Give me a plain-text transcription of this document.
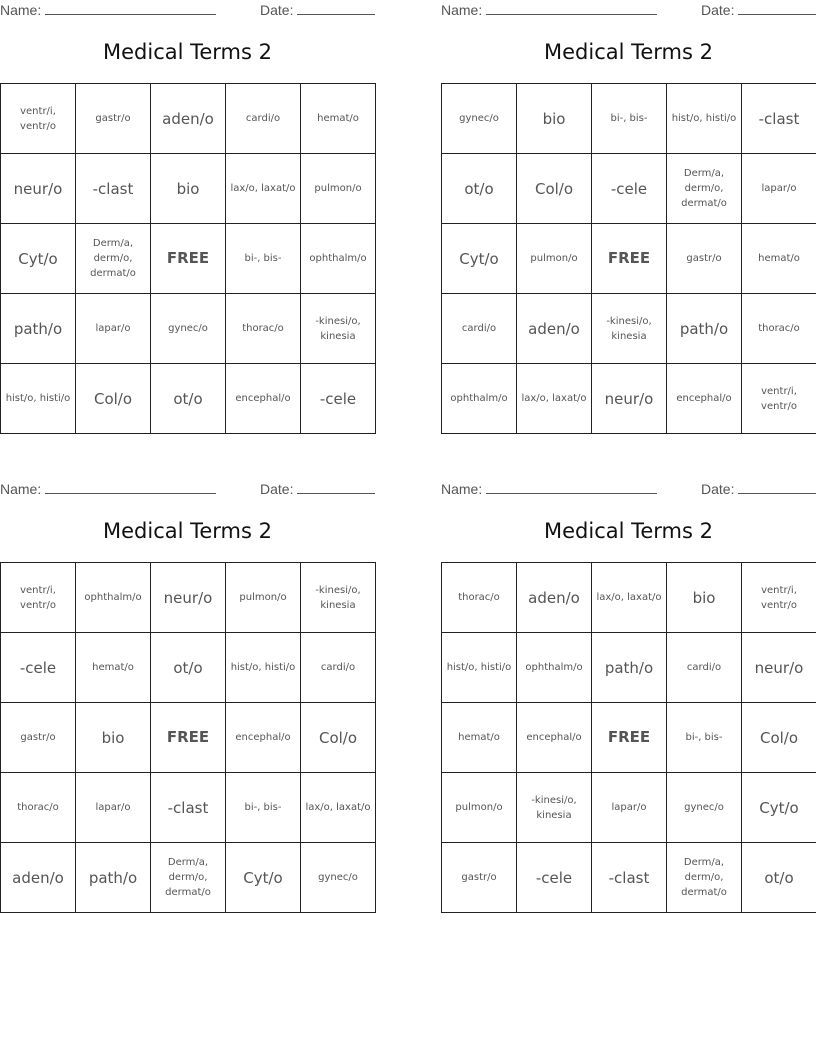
Name:	Date:
Medical Terms 2
ventr/i,
ventr/o	gastr/o	aden/o	cardi/o	hemat/o
neur/o	-clast	bio	lax/o, laxat/o	pulmon/o
Cyt/o	Derm/a,
derm/o,
dermat/o	FREE	bi-, bis-	ophthalm/o
path/o	lapar/o	gynec/o	thorac/o	-kinesi/o,
kinesia
hist/o, histi/o	Col/o	ot/o	encephal/o	-cele
Name:	Date:
Medical Terms 2
gynec/o	bio	bi-, bis-	hist/o, histi/o	-clast
ot/o	Col/o	-cele	Derm/a,
derm/o,
dermat/o	lapar/o
Cyt/o	pulmon/o	FREE	gastr/o	hemat/o
cardi/o	aden/o	-kinesi/o,
kinesia	path/o	thorac/o
ophthalm/o	lax/o, laxat/o	neur/o	encephal/o	ventr/i,
ventr/o
Name:	Date:
Medical Terms 2
ventr/i,
ventr/o	ophthalm/o	neur/o	pulmon/o	-kinesi/o,
kinesia
-cele	hemat/o	ot/o	hist/o, histi/o	cardi/o
gastr/o	bio	FREE	encephal/o	Col/o
thorac/o	lapar/o	-clast	bi-, bis-	lax/o, laxat/o
aden/o	path/o	Derm/a,
derm/o,
dermat/o	Cyt/o	gynec/o
Name:	Date:
Medical Terms 2
thorac/o	aden/o	lax/o, laxat/o	bio	ventr/i,
ventr/o
hist/o, histi/o	ophthalm/o	path/o	cardi/o	neur/o
hemat/o	encephal/o	FREE	bi-, bis-	Col/o
pulmon/o	-kinesi/o,
kinesia	lapar/o	gynec/o	Cyt/o
gastr/o	-cele	-clast	Derm/a,
derm/o,
dermat/o	ot/o
